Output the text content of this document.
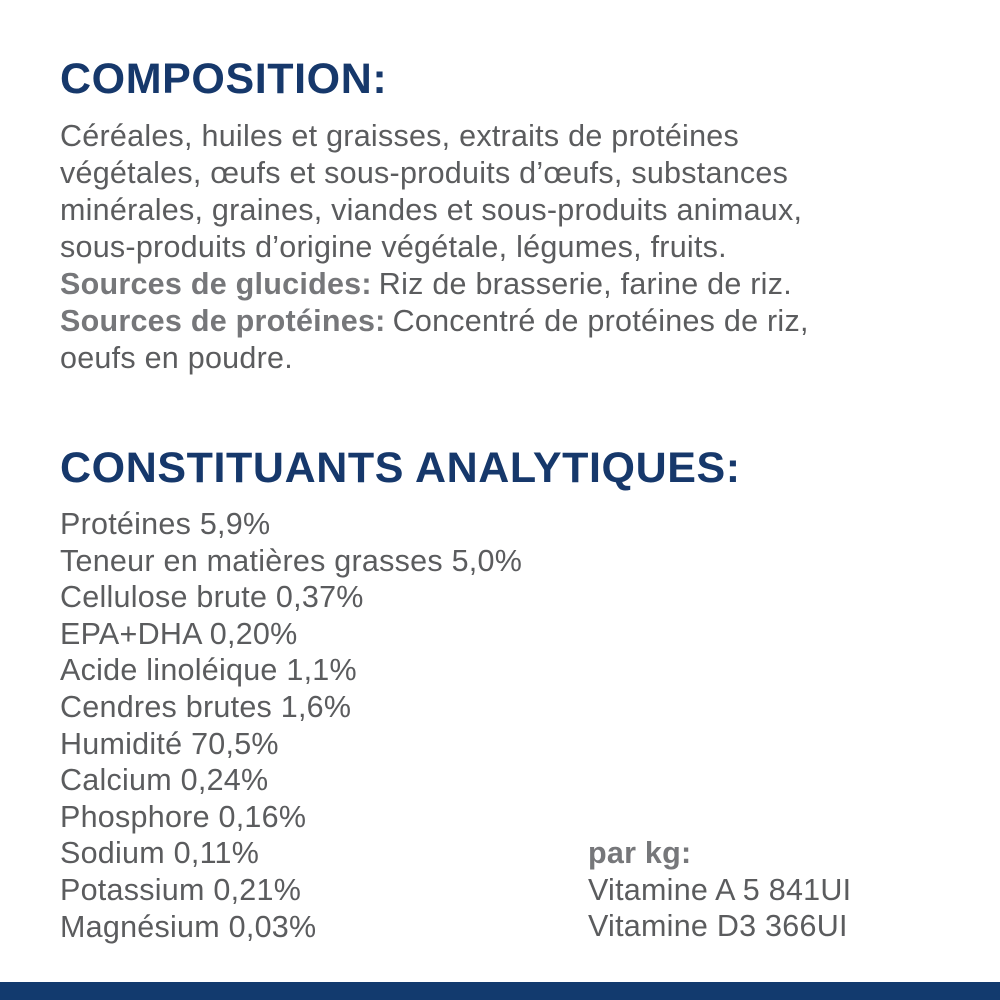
COMPOSITION:
Céréales, huiles et graisses, extraits de protéines
végétales, œufs et sous-produits d’œufs, substances
minérales, graines, viandes et sous-produits animaux,
sous-produits d’origine végétale, légumes, fruits.
Sources de glucides: Riz de brasserie, farine de riz.
Sources de protéines: Concentré de protéines de riz,
oeufs en poudre.
CONSTITUANTS ANALYTIQUES:
Protéines 5,9%
Teneur en matières grasses 5,0%
Cellulose brute 0,37%
EPA+DHA 0,20%
Acide linoléique 1,1%
Cendres brutes 1,6%
Humidité 70,5%
Calcium 0,24%
Phosphore 0,16%
Sodium 0,11%
Potassium 0,21%
Magnésium 0,03%
par kg:
Vitamine A 5 841UI
Vitamine D3 366UI
